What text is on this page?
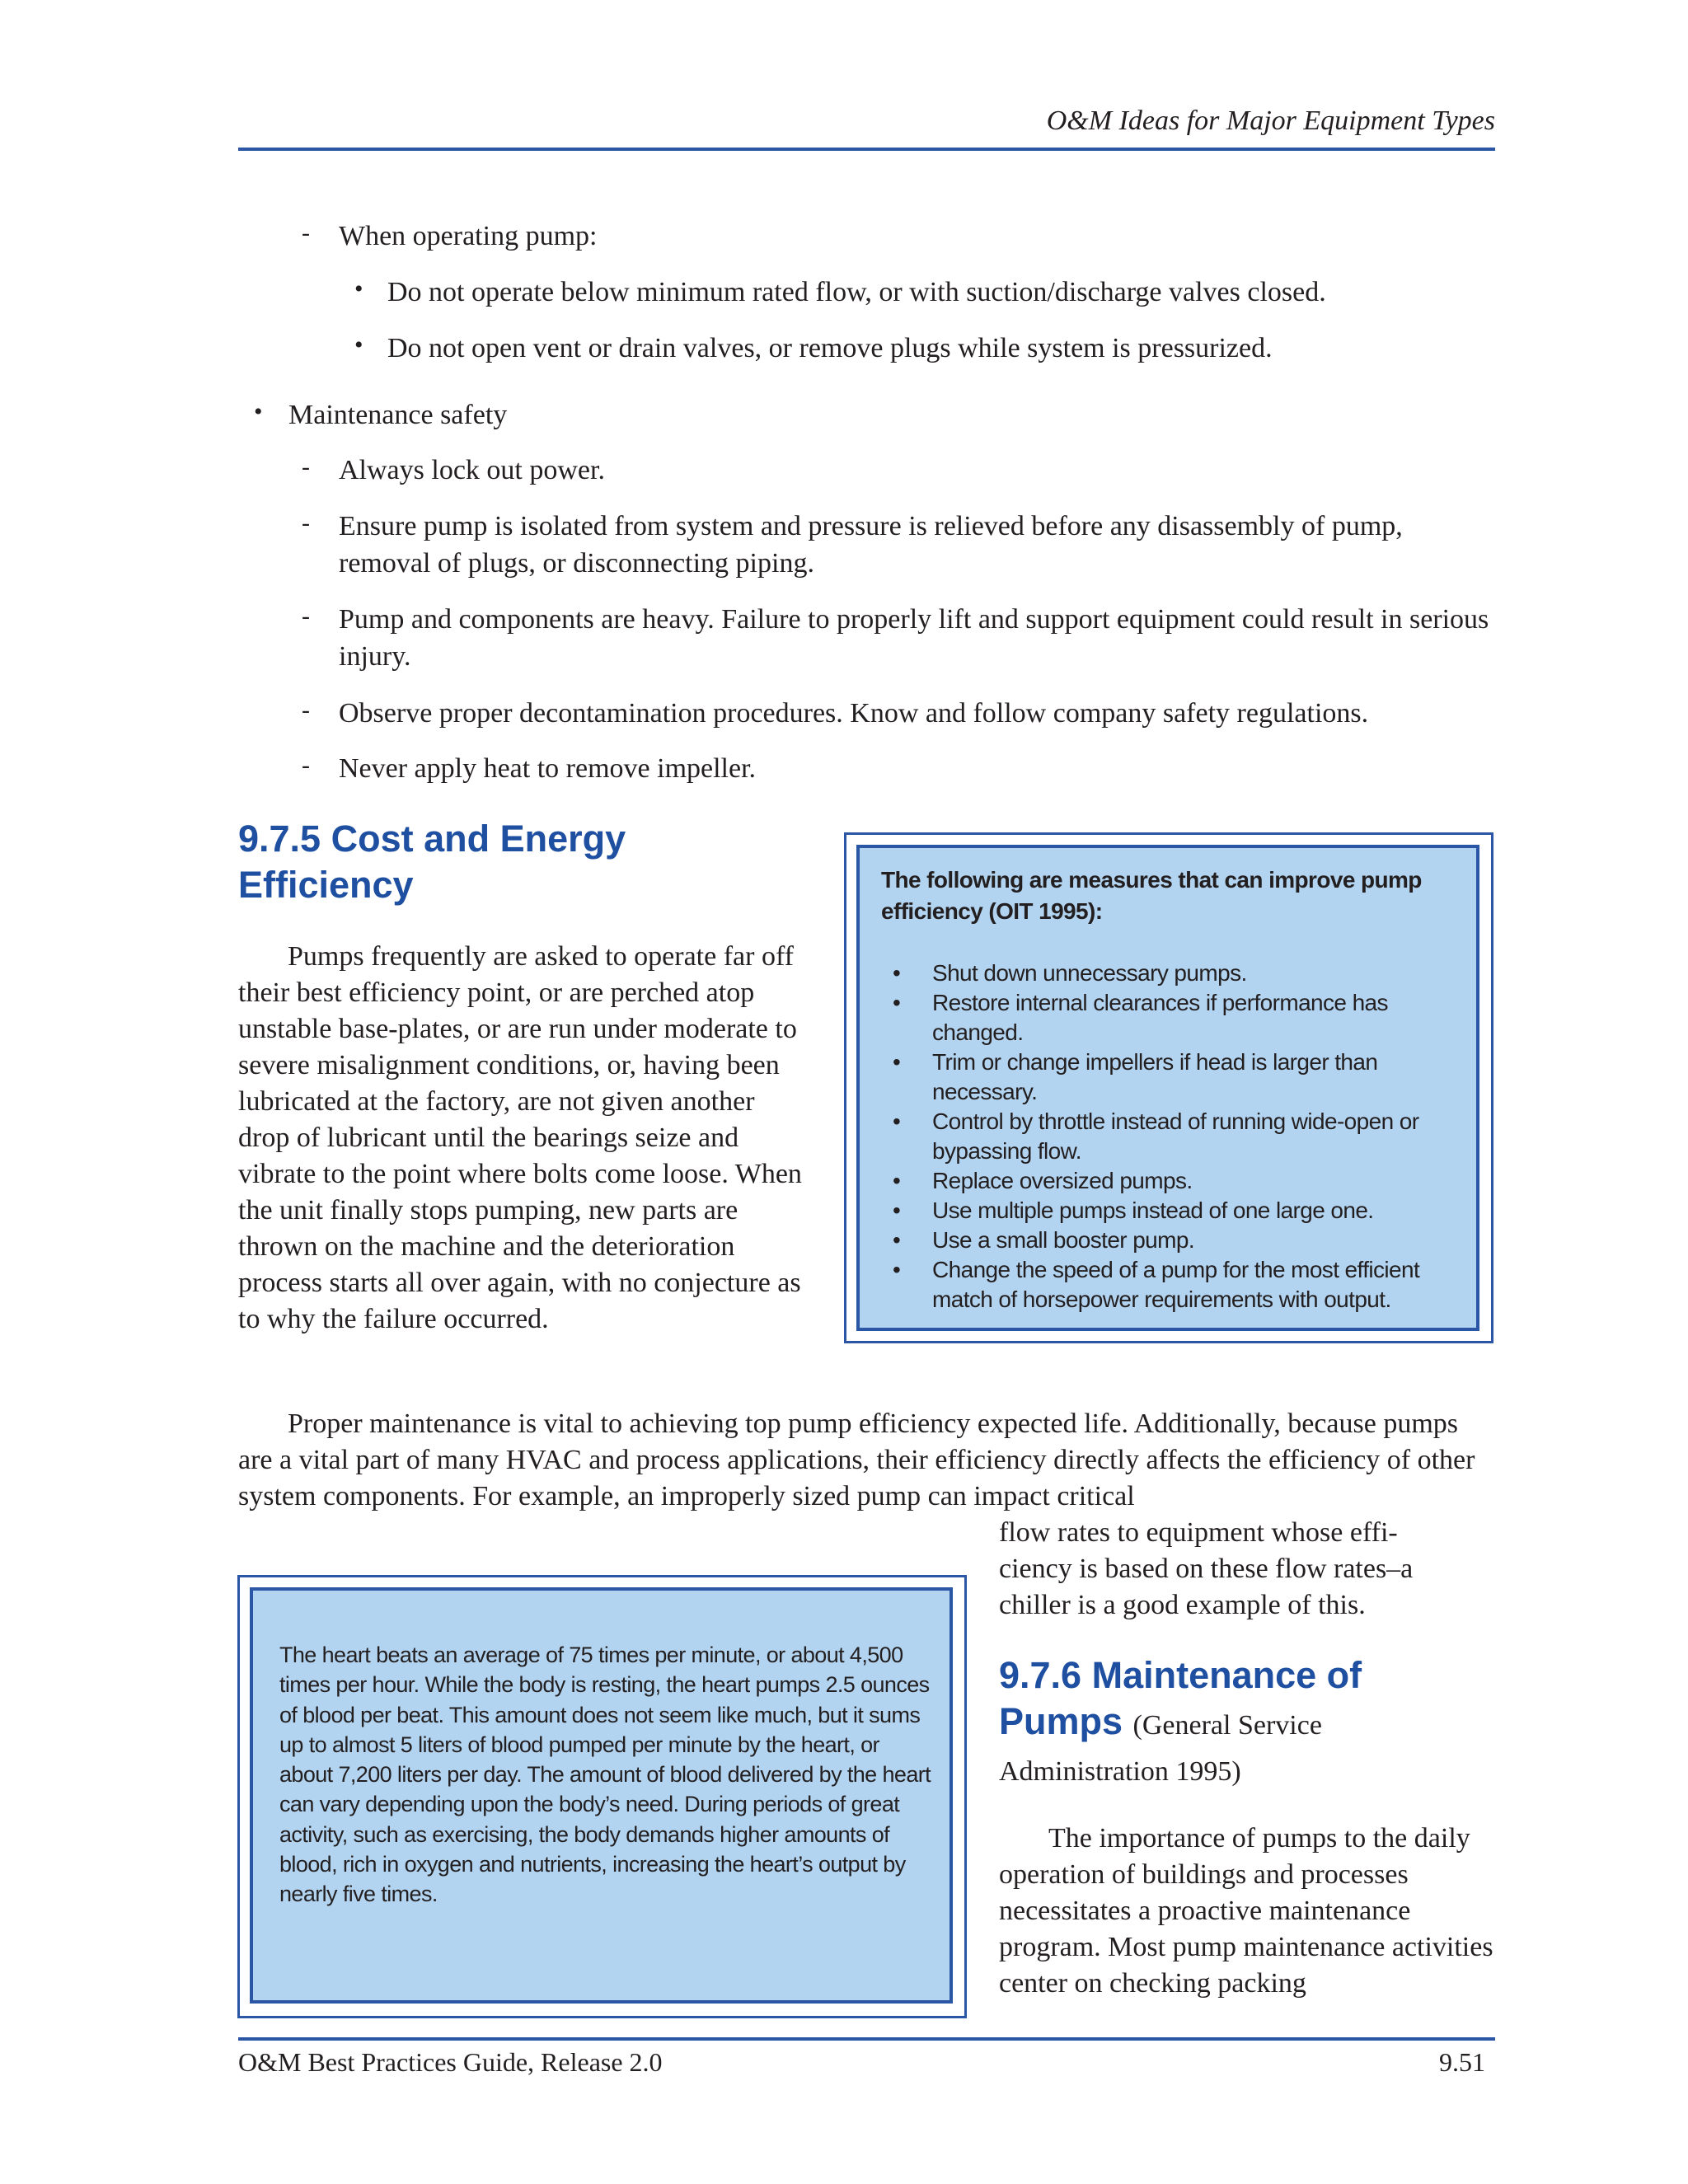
O&M Ideas for Major Equipment Types
- When operating pump:
• Do not operate below minimum rated flow, or with suction/discharge valves closed.
• Do not open vent or drain valves, or remove plugs while system is pressurized.
• Maintenance safety
- Always lock out power.
- Ensure pump is isolated from system and pressure is relieved before any disassembly of pump, removal of plugs, or disconnecting piping.
- Pump and components are heavy. Failure to properly lift and support equipment could result in serious injury.
- Observe proper decontamination procedures. Know and follow company safety regulations.
- Never apply heat to remove impeller.
9.7.5 Cost and Energy
Efficiency

Pumps frequently are asked to operate far off their best efficiency point, or are perched atop unstable base-plates, or are run under moderate to severe misalignment conditions, or, having been lubricated at the factory, are not given another drop of lubricant until the bearings seize and vibrate to the point where bolts come loose. When the unit finally stops pumping, new parts are thrown on the machine and the deterioration process starts all over again, with no conjecture as to why the failure occurred.

The following are measures that can improve pump efficiency (OIT 1995):
• Shut down unnecessary pumps.
• Restore internal clearances if performance has changed.
• Trim or change impellers if head is larger than necessary.
• Control by throttle instead of running wide-open or bypassing flow.
• Replace oversized pumps.
• Use multiple pumps instead of one large one.
• Use a small booster pump.
• Change the speed of a pump for the most efficient match of horsepower requirements with output.

Proper maintenance is vital to achieving top pump efficiency expected life. Additionally, because pumps are a vital part of many HVAC and process applications, their efficiency directly affects the efficiency of other system components. For example, an improperly sized pump can impact critical

flow rates to equipment whose effi-ciency is based on these flow rates–a chiller is a good example of this.

The heart beats an average of 75 times per minute, or about 4,500 times per hour. While the body is resting, the heart pumps 2.5 ounces of blood per beat. This amount does not seem like much, but it sums up to almost 5 liters of blood pumped per minute by the heart, or about 7,200 liters per day. The amount of blood delivered by the heart can vary depending upon the body’s need. During periods of great activity, such as exercising, the body demands higher amounts of blood, rich in oxygen and nutrients, increasing the heart’s output by nearly five times.
9.7.6 Maintenance of
Pumps (General Service
Administration 1995)

The importance of pumps to the daily operation of buildings and processes necessitates a proactive maintenance program. Most pump maintenance activities center on checking packing

O&M Best Practices Guide, Release 2.0	9.51
